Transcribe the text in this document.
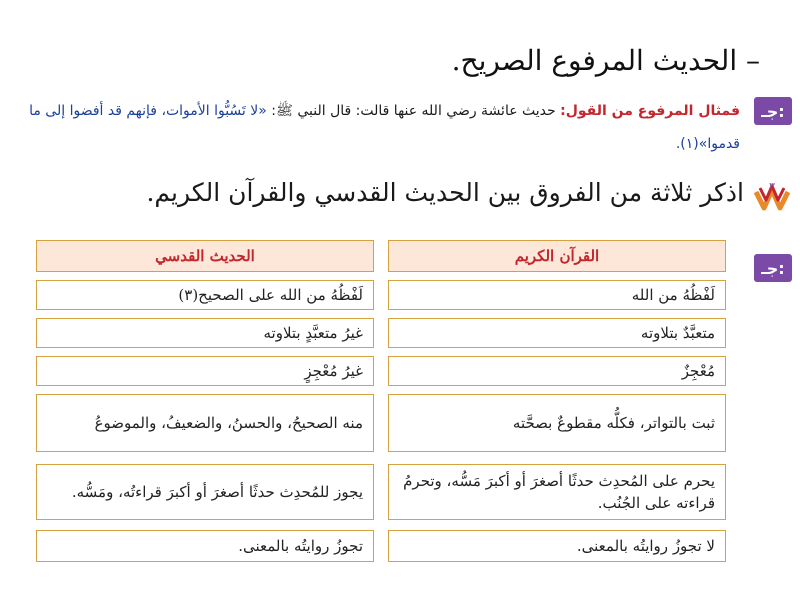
– الحديث المرفوع الصريح.
جـ:
فمثال المرفوع من القول: حديث عائشة رضي الله عنها قالت: قال النبي ﷺ: «لا تَسُبُّوا الأموات، فإنهم قد أفضوا إلى ما
قدموا»(١).
٣
اذكر ثلاثة من الفروق بين الحديث القدسي والقرآن الكريم.
جـ:
القرآن الكريم
الحديث القدسي
لَفْظُهُ من الله
لَفْظُهُ من الله على الصحيح(٣)
متعبَّدٌ بتلاوته
غيرُ متعبَّدٍ بتلاوته
مُعْجِزٌ
غيرُ مُعْجِزٍ
ثبت بالتواتر، فكلُّه مقطوعٌ بصحَّته
منه الصحيحُ، والحسنُ، والضعيفُ، والموضوعُ
يحرم على المُحدِث حدثًا أصغرَ أو أكبرَ مَسُّه، وتحرمُ قراءته على الجُنُب.
يجوز للمُحدِث حدثًا أصغرَ أو أكبرَ قراءتُه، ومَسُّه.
لا تجوزُ روايتُه بالمعنى.
تجوزُ روايتُه بالمعنى.
